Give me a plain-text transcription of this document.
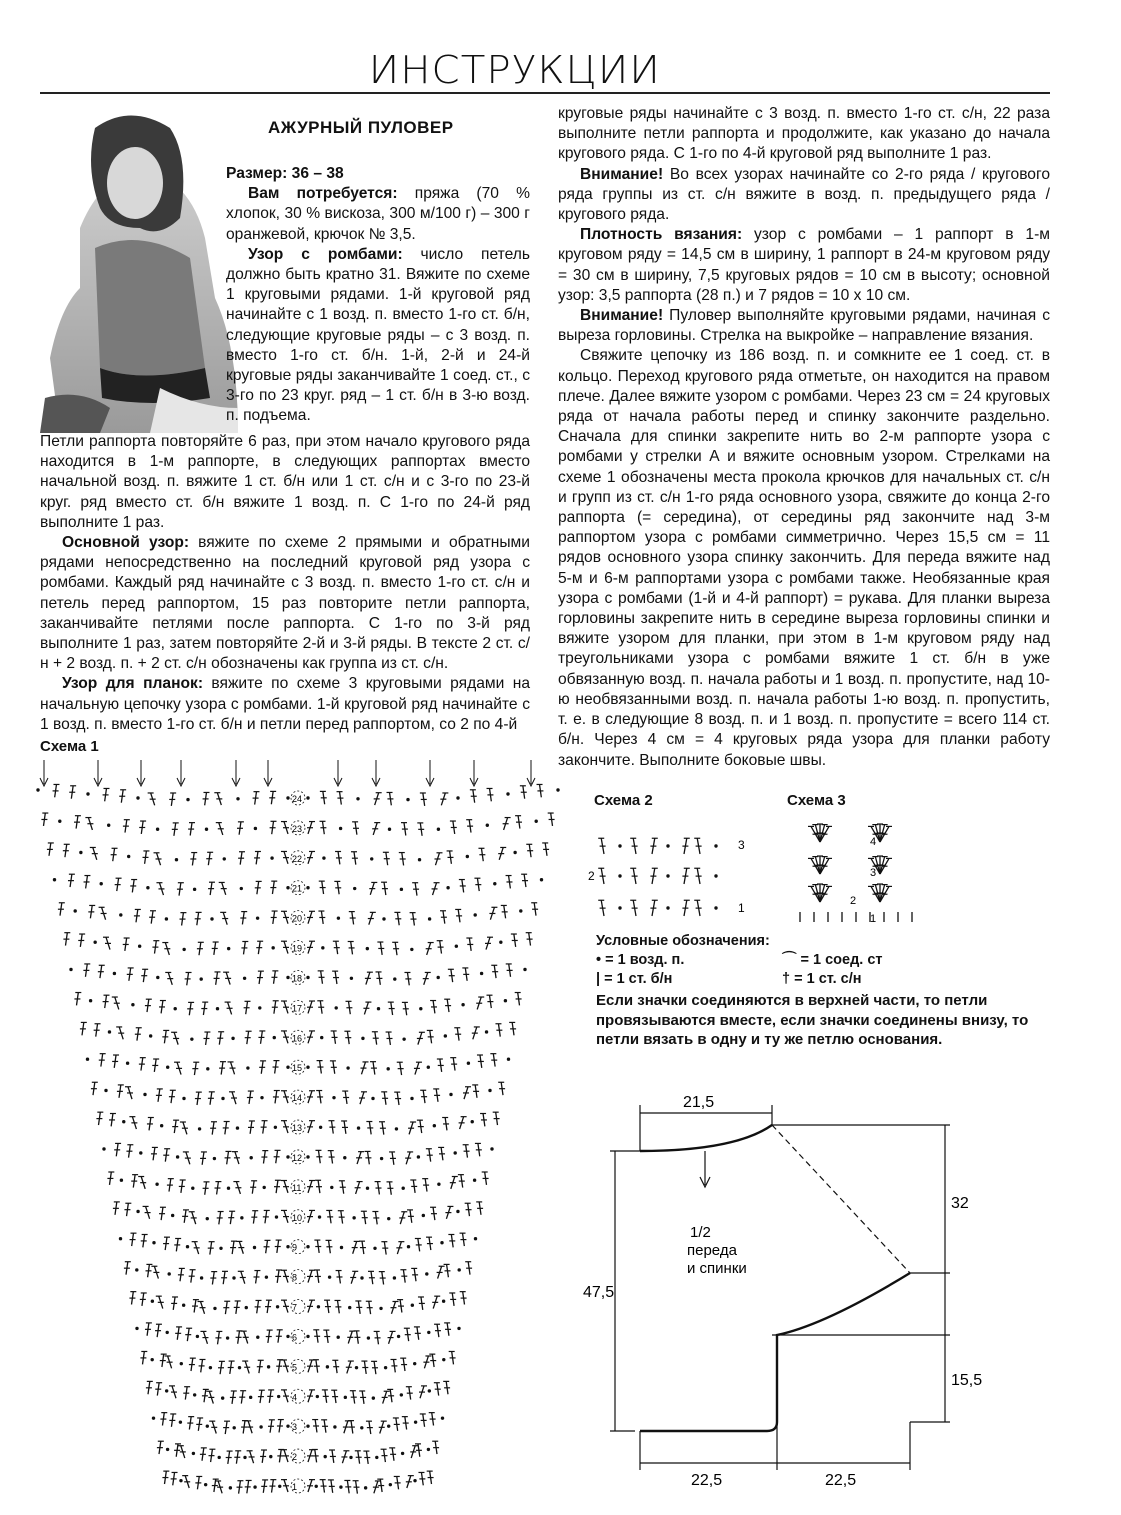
ИНСТРУКЦИИ
АЖУРНЫЙ ПУЛОВЕР

Размер: 36 – 38

Вам потребуется: пряжа (70 % хлопок, 30 % вискоза, 300 м/100 г) – 300 г оранжевой, крючок № 3,5.

Узор с ромбами: число петель должно быть кратно 31. Вяжите по схеме 1 круговыми рядами. 1-й круговой ряд начинайте с 1 возд. п. вместо 1-го ст. б/н, следующие круговые ряды – с 3 возд. п. вместо 1-го ст. б/н. 1-й, 2-й и 24-й круговые ряды заканчивайте 1 соед. ст., с 3-го по 23 круг. ряд – 1 ст. б/н в 3-ю возд. п. подъема.

Петли раппорта повторяйте 6 раз, при этом начало кругового ряда находится в 1-м раппорте, в следующих раппортах вместо начальной возд. п. вяжите 1 ст. б/н или 1 ст. с/н и с 3-го по 23-й круг. ряд вместо ст. б/н вяжите 1 возд. п. С 1-го по 24-й ряд выполните 1 раз.

Основной узор: вяжите по схеме 2 прямыми и обратными рядами непосредственно на последний круговой ряд узора с ромбами. Каждый ряд начинайте с 3 возд. п. вместо 1-го ст. с/н и петель перед раппортом, 15 раз повторите петли раппорта, заканчивайте петлями после раппорта. С 1-го по 3-й ряд выполните 1 раз, затем повторяйте 2-й и 3-й ряды. В тексте 2 ст. с/н + 2 возд. п. + 2 ст. с/н обозначены как группа из ст. с/н.

Узор для планок: вяжите по схеме 3 круговыми рядами на начальную цепочку узора с ромбами. 1-й круговой ряд начинайте с 1 возд. п. вместо 1-го ст. б/н и петли перед раппортом, со 2 по 4-й

круговые ряды начинайте с 3 возд. п. вместо 1-го ст. с/н, 22 раза выполните петли раппорта и продолжите, как указано до начала кругового ряда. С 1-го по 4-й круговой ряд выполните 1 раз.

Внимание! Во всех узорах начинайте со 2-го ряда / кругового ряда группы из ст. с/н вяжите в возд. п. предыдущего ряда / кругового ряда.

Плотность вязания: узор с ромбами – 1 раппорт в 1-м круговом ряду = 14,5 см в ширину, 1 раппорт в 24-м круговом ряду = 30 см в ширину, 7,5 круговых рядов = 10 см в высоту; основной узор: 3,5 раппорта (28 п.) и 7 рядов = 10 х 10 см.

Внимание! Пуловер выполняйте круговыми рядами, начиная с выреза горловины. Стрелка на выкройке – направление вязания.

Свяжите цепочку из 186 возд. п. и сомкните ее 1 соед. ст. в кольцо. Переход кругового ряда отметьте, он находится на правом плече. Далее вяжите узором с ромбами. Через 23 см = 24 круговых ряда от начала работы перед и спинку закончите раздельно. Сначала для спинки закрепите нить во 2-м раппорте узора с ромбами у стрелки А и вяжите основным узором. Стрелками на схеме 1 обозначены места прокола крючков для начальных ст. с/н и групп из ст. с/н 1-го ряда основного узора, свяжите до конца 2-го раппорта (= середина), от середины ряд закончите над 3-м раппортом узора с ромбами симметрично. Через 15,5 см = 11 рядов основного узора спинку закончить. Для переда вяжите над 5-м и 6-м раппортами узора с ромбами также. Необязанные края узора с ромбами (1-й и 4-й раппорт) = рукава. Для планки выреза горловины закрепите нить в середине выреза горловины спинки и вяжите узором для планки, при этом в 1-м круговом ряду над треугольниками узора с ромбами вяжите 1 ст. б/н в уже обвязанную возд. п. начала работы и 1 возд. п. пропустите, над 10-ю необвязанными возд. п. начала работы 1-ю возд. п. пропустить, т. е. в следующие 8 возд. п. и 1 возд. п. пропустите = всего 114 ст. б/н. Через 4 см = 4 круговых ряда узора для планки работу закончите. Выполните боковые швы.

Схема 1
Схема 2	Схема 3
24
23
22
21
20
19
18
17
16
15
14
13
12
11
10
9
8
7
6
5
4
3
2
1
3
2
1
4
3
2
1
Условные обозначения:
• = 1 возд. п.	⌒ = 1 соед. ст
| = 1 ст. б/н	† = 1 ст. с/н
Если значки соединяются в верхней части, то петли провязываются вместе, если значки соединены внизу, то петли вязать в одну и ту же петлю основания.
21,5
32
47,5
15,5
22,5	22,5
1/2
переда
и спинки
